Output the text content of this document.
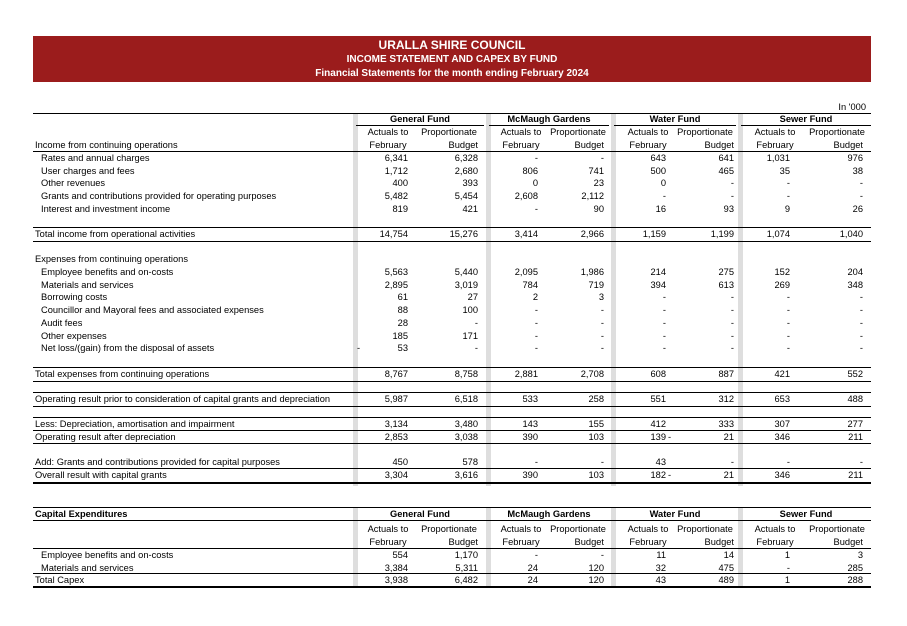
URALLA SHIRE COUNCIL
INCOME STATEMENT AND CAPEX BY FUND
Financial Statements for the month ending February 2024
In '000
General Fund	McMaugh Gardens	Water Fund	Sewer Fund
Actuals to
February
Proportionate
Budget
Actuals to
February
Proportionate
Budget
Actuals to
February
Proportionate
Budget
Actuals to
February
Proportionate
Budget
Income from continuing operations
Rates and annual charges	6,341	6,328	-	-	643	641	1,031	976
User charges and fees	1,712	2,680	806	741	500	465	35	38
Other revenues	400	393	0	23	0	-	-	-
Grants and contributions provided for operating purposes	5,482	5,454	2,608	2,112	-	-	-	-
Interest and investment income	819	421	-	90	16	93	9	26
Total income from operational activities	14,754	15,276	3,414	2,966	1,159	1,199	1,074	1,040
Expenses from continuing operations
Employee benefits and on-costs	5,563	5,440	2,095	1,986	214	275	152	204
Materials and services	2,895	3,019	784	719	394	613	269	348
Borrowing costs	61	27	2	3	-	-	-	-
Councillor and Mayoral fees and associated expenses	88	100	-	-	-	-	-	-
Audit fees	28	-	-	-	-	-	-	-
Other expenses	185	171	-	-	-	-	-	-
Net loss/(gain) from the disposal of assets	53	-	-	-	-	-	-	-
-
Total expenses from continuing operations	8,767	8,758	2,881	2,708	608	887	421	552
Operating result prior to consideration of capital grants and depreciation	5,987	6,518	533	258	551	312	653	488
Less: Depreciation, amortisation and impairment	3,134	3,480	143	155	412	333	307	277
Operating result after depreciation	2,853	3,038	390	103	139	21	346	211
-
Add: Grants and contributions provided for capital purposes	450	578	-	-	43	-	-	-
Overall result with capital grants	3,304	3,616	390	103	182	21	346	211
-
Capital Expenditures	General Fund	McMaugh Gardens	Water Fund	Sewer Fund
Actuals to
February
Proportionate
Budget
Actuals to
February
Proportionate
Budget
Actuals to
February
Proportionate
Budget
Actuals to
February
Proportionate
Budget
Employee benefits and on-costs	554	1,170	-	-	11	14	1	3
Materials and services	3,384	5,311	24	120	32	475	-	285
Total Capex	3,938	6,482	24	120	43	489	1	288
